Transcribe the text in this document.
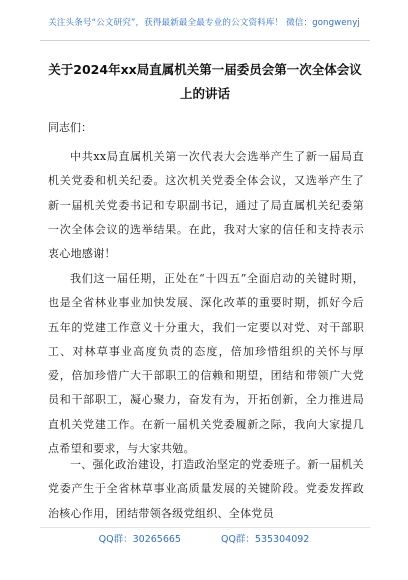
关注头条号“公文研究”，获得最新最全最专业的公文资料库！ 微信：gongwenyj
关于2024年xx局直属机关第一届委员会第一次全体会议上的讲话
同志们：
中共xx局直属机关第一次代表大会选举产生了新一届局直机关党委和机关纪委。这次机关党委全体会议，又选举产生了新一届机关党委书记和专职副书记，通过了局直属机关纪委第一次全体会议的选举结果。在此，我对大家的信任和支持表示衷心地感谢！
我们这一届任期，正处在“十四五”全面启动的关键时期，也是全省林业事业加快发展、深化改革的重要时期，抓好今后五年的党建工作意义十分重大，我们一定要以对党、对干部职工、对林草事业高度负责的态度，倍加珍惜组织的关怀与厚爱，倍加珍惜广大干部职工的信赖和期望，团结和带领广大党员和干部职工，凝心聚力，奋发有为，开拓创新，全力推进局直机关党建工作。在新一届机关党委履新之际，我向大家提几点希望和要求，与大家共勉。
一、强化政治建设，打造政治坚定的党委班子。新一届机关党委产生于全省林草事业高质量发展的关键阶段。党委发挥政治核心作用，团结带领各级党组织、全体党员
QQ群：30265665	QQ群：535304092
